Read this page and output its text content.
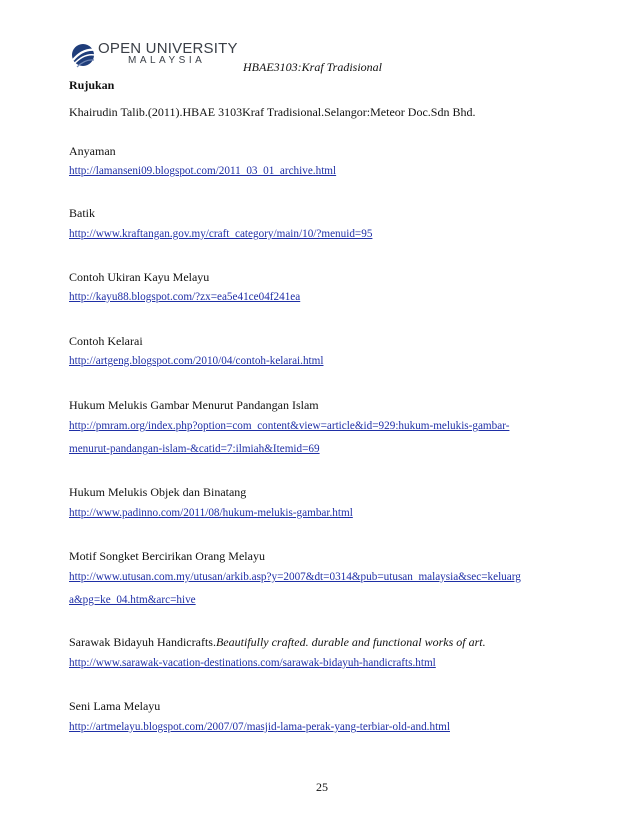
OPEN UNIVERSITY
MALAYSIA	HBAE3103:Kraf Tradisional
Rujukan
Khairudin Talib.(2011).HBAE 3103Kraf Tradisional.Selangor:Meteor Doc.Sdn Bhd.
Anyaman
http://lamanseni09.blogspot.com/2011_03_01_archive.html
Batik
http://www.kraftangan.gov.my/craft_category/main/10/?menuid=95
Contoh Ukiran Kayu Melayu
http://kayu88.blogspot.com/?zx=ea5e41ce04f241ea
Contoh Kelarai
http://artgeng.blogspot.com/2010/04/contoh-kelarai.html
Hukum Melukis Gambar Menurut Pandangan Islam
http://pmram.org/index.php?option=com_content&view=article&id=929:hukum-melukis-gambar-
menurut-pandangan-islam-&catid=7:ilmiah&Itemid=69
Hukum Melukis Objek dan Binatang
http://www.padinno.com/2011/08/hukum-melukis-gambar.html
Motif Songket Bercirikan Orang Melayu
http://www.utusan.com.my/utusan/arkib.asp?y=2007&dt=0314&pub=utusan_malaysia&sec=keluarg
a&pg=ke_04.htm&arc=hive
Sarawak Bidayuh Handicrafts.Beautifully crafted. durable and functional works of art.
http://www.sarawak-vacation-destinations.com/sarawak-bidayuh-handicrafts.html
Seni Lama Melayu
http://artmelayu.blogspot.com/2007/07/masjid-lama-perak-yang-terbiar-old-and.html
25
